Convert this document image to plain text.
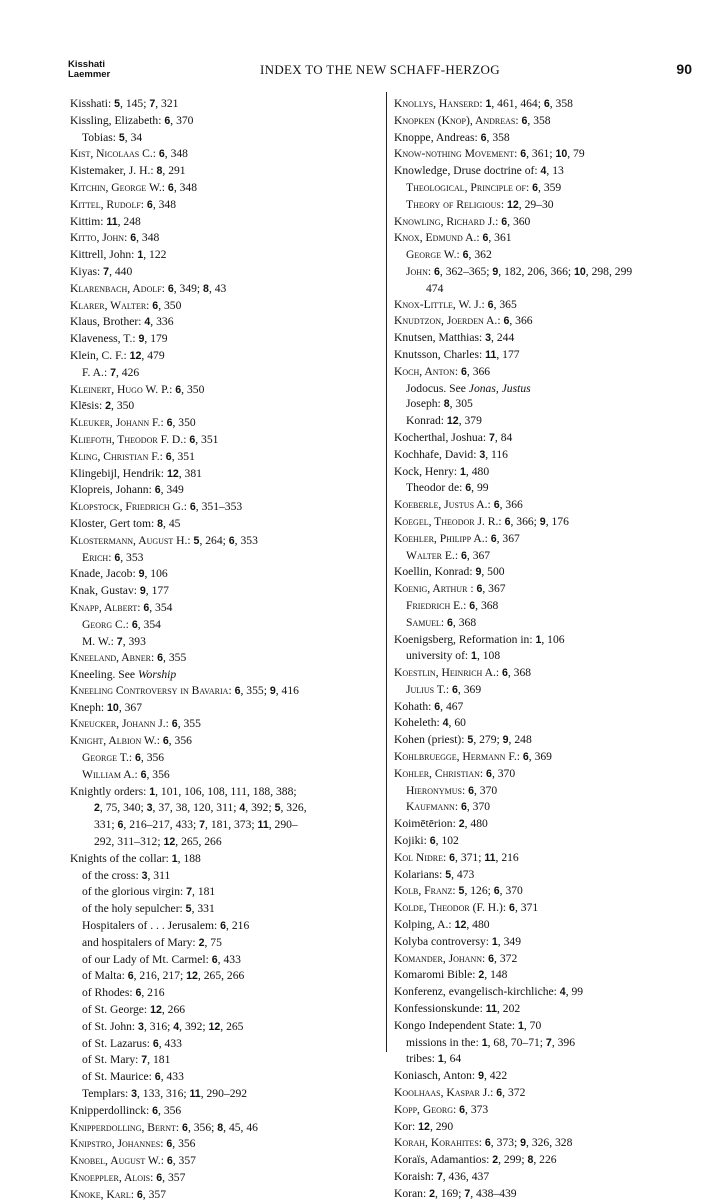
Kisshati
Laemmer	INDEX TO THE NEW SCHAFF-HERZOG	90
Kisshati: 5, 145; 7, 321
Kissling, Elizabeth: 6, 370
Tobias: 5, 34
Kist, Nicolaas C.: 6, 348
Kistemaker, J. H.: 8, 291
Kitchin, George W.: 6, 348
Kittel, Rudolf: 6, 348
Kittim: 11, 248
Kitto, John: 6, 348
Kittrell, John: 1, 122
Kiyas: 7, 440
Klarenbach, Adolf: 6, 349; 8, 43
Klarer, Walter: 6, 350
Klaus, Brother: 4, 336
Klaveness, T.: 9, 179
Klein, C. F.: 12, 479
F. A.: 7, 426
Kleinert, Hugo W. P.: 6, 350
Klēsis: 2, 350
Kleuker, Johann F.: 6, 350
Kliefoth, Theodor F. D.: 6, 351
Kling, Christian F.: 6, 351
Klingebijl, Hendrik: 12, 381
Klopreis, Johann: 6, 349
Klopstock, Friedrich G.: 6, 351–353
Kloster, Gert tom: 8, 45
Klostermann, August H.: 5, 264; 6, 353
Erich: 6, 353
Knade, Jacob: 9, 106
Knak, Gustav: 9, 177
Knapp, Albert: 6, 354
Georg C.: 6, 354
M. W.: 7, 393
Kneeland, Abner: 6, 355
Kneeling. See Worship
Kneeling Controversy in Bavaria: 6, 355; 9, 416
Kneph: 10, 367
Kneucker, Johann J.: 6, 355
Knight, Albion W.: 6, 356
George T.: 6, 356
William A.: 6, 356
Knightly orders: 1, 101, 106, 108, 111, 188, 388;
2, 75, 340; 3, 37, 38, 120, 311; 4, 392; 5, 326,
331; 6, 216–217, 433; 7, 181, 373; 11, 290–
292, 311–312; 12, 265, 266
Knights of the collar: 1, 188
of the cross: 3, 311
of the glorious virgin: 7, 181
of the holy sepulcher: 5, 331
Hospitalers of . . . Jerusalem: 6, 216
and hospitalers of Mary: 2, 75
of our Lady of Mt. Carmel: 6, 433
of Malta: 6, 216, 217; 12, 265, 266
of Rhodes: 6, 216
of St. George: 12, 266
of St. John: 3, 316; 4, 392; 12, 265
of St. Lazarus: 6, 433
of St. Mary: 7, 181
of St. Maurice: 6, 433
Templars: 3, 133, 316; 11, 290–292
Knipperdollinck: 6, 356
Knipperdolling, Bernt: 6, 356; 8, 45, 46
Knipstro, Johannes: 6, 356
Knobel, August W.: 6, 357
Knoeppler, Alois: 6, 357
Knoke, Karl: 6, 357
Knollys, Hanserd: 1, 461, 464; 6, 358
Knopken (Knop), Andreas: 6, 358
Knoppe, Andreas: 6, 358
Know-nothing Movement: 6, 361; 10, 79
Knowledge, Druse doctrine of: 4, 13
Theological, Principle of: 6, 359
Theory of Religious: 12, 29–30
Knowling, Richard J.: 6, 360
Knox, Edmund A.: 6, 361
George W.: 6, 362
John: 6, 362–365; 9, 182, 206, 366; 10, 298, 299
474
Knox-Little, W. J.: 6, 365
Knudtzon, Joerden A.: 6, 366
Knutsen, Matthias: 3, 244
Knutsson, Charles: 11, 177
Koch, Anton: 6, 366
Jodocus. See Jonas, Justus
Joseph: 8, 305
Konrad: 12, 379
Kocherthal, Joshua: 7, 84
Kochhafe, David: 3, 116
Kock, Henry: 1, 480
Theodor de: 6, 99
Koeberle, Justus A.: 6, 366
Koegel, Theodor J. R.: 6, 366; 9, 176
Koehler, Philipp A.: 6, 367
Walter E.: 6, 367
Koellin, Konrad: 9, 500
Koenig, Arthur : 6, 367
Friedrich E.: 6, 368
Samuel: 6, 368
Koenigsberg, Reformation in: 1, 106
university of: 1, 108
Koestlin, Heinrich A.: 6, 368
Julius T.: 6, 369
Kohath: 6, 467
Koheleth: 4, 60
Kohen (priest): 5, 279; 9, 248
Kohlbruegge, Hermann F.: 6, 369
Kohler, Christian: 6, 370
Hieronymus: 6, 370
Kaufmann: 6, 370
Koimētērion: 2, 480
Kojiki: 6, 102
Kol Nidre: 6, 371; 11, 216
Kolarians: 5, 473
Kolb, Franz: 5, 126; 6, 370
Kolde, Theodor (F. H.): 6, 371
Kolping, A.: 12, 480
Kolyba controversy: 1, 349
Komander, Johann: 6, 372
Komaromi Bible: 2, 148
Konferenz, evangelisch-kirchliche: 4, 99
Konfessionskunde: 11, 202
Kongo Independent State: 1, 70
missions in the: 1, 68, 70–71; 7, 396
tribes: 1, 64
Koniasch, Anton: 9, 422
Koolhaas, Kaspar J.: 6, 372
Kopp, Georg: 6, 373
Kor: 12, 290
Korah, Korahites: 6, 373; 9, 326, 328
Koraïs, Adamantios: 2, 299; 8, 226
Koraish: 7, 436, 437
Koran: 2, 169; 7, 438–439
